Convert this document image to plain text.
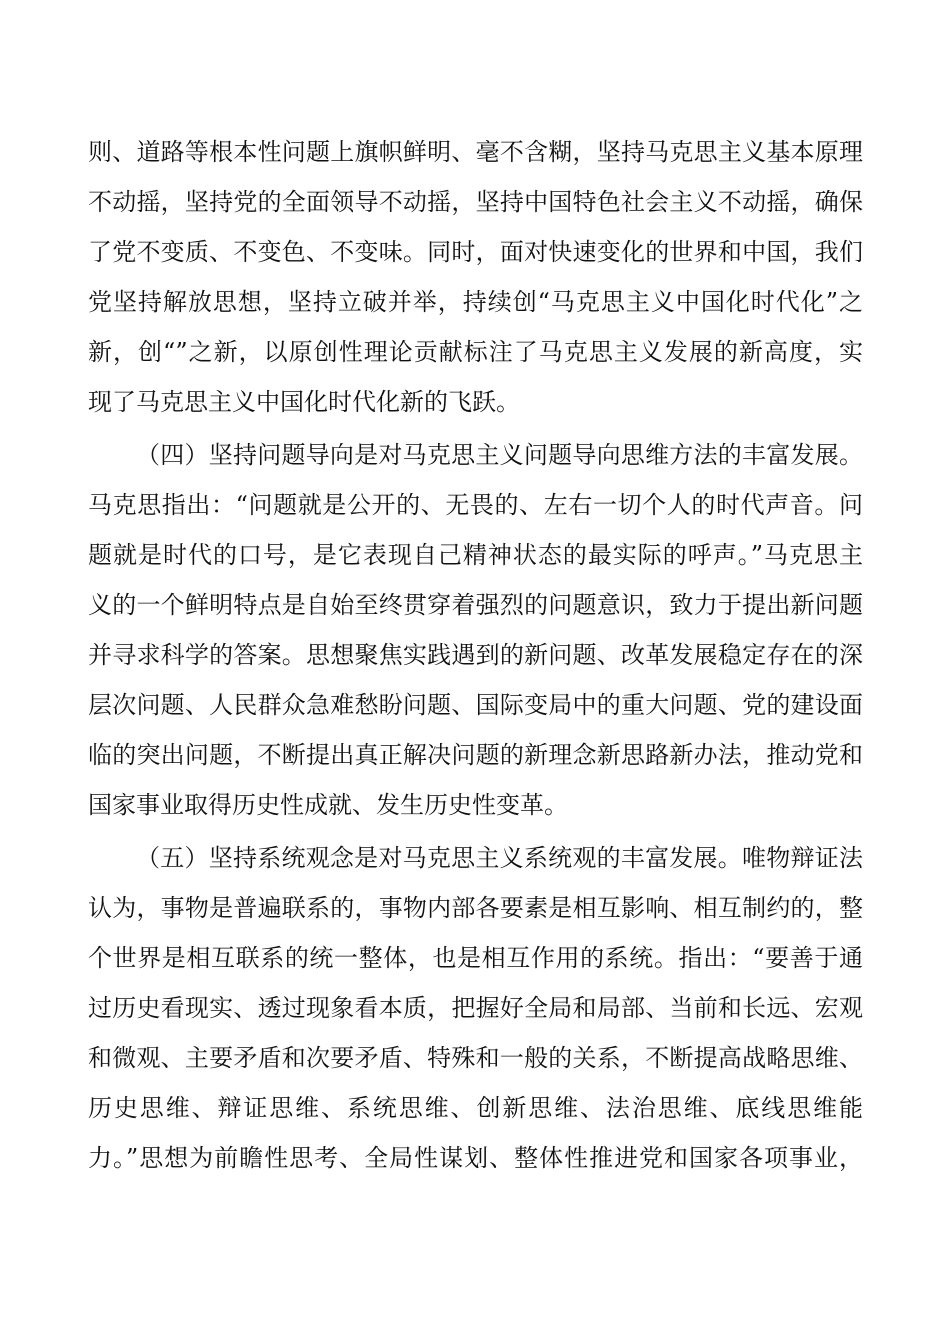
则、道路等根本性问题上旗帜鲜明、毫不含糊，坚持马克思主义基本原理
不动摇，坚持党的全面领导不动摇，坚持中国特色社会主义不动摇，确保
了党不变质、不变色、不变味。同时，面对快速变化的世界和中国，我们
党坚持解放思想，坚持立破并举，持续创“马克思主义中国化时代化”之
新，创“”之新，以原创性理论贡献标注了马克思主义发展的新高度，实
现了马克思主义中国化时代化新的飞跃。
（四）坚持问题导向是对马克思主义问题导向思维方法的丰富发展。
马克思指出：“问题就是公开的、无畏的、左右一切个人的时代声音。问
题就是时代的口号，是它表现自己精神状态的最实际的呼声。”马克思主
义的一个鲜明特点是自始至终贯穿着强烈的问题意识，致力于提出新问题
并寻求科学的答案。思想聚焦实践遇到的新问题、改革发展稳定存在的深
层次问题、人民群众急难愁盼问题、国际变局中的重大问题、党的建设面
临的突出问题，不断提出真正解决问题的新理念新思路新办法，推动党和
国家事业取得历史性成就、发生历史性变革。
（五）坚持系统观念是对马克思主义系统观的丰富发展。唯物辩证法
认为，事物是普遍联系的，事物内部各要素是相互影响、相互制约的，整
个世界是相互联系的统一整体，也是相互作用的系统。指出：“要善于通
过历史看现实、透过现象看本质，把握好全局和局部、当前和长远、宏观
和微观、主要矛盾和次要矛盾、特殊和一般的关系，不断提高战略思维、
历史思维、辩证思维、系统思维、创新思维、法治思维、底线思维能
力。”思想为前瞻性思考、全局性谋划、整体性推进党和国家各项事业，
